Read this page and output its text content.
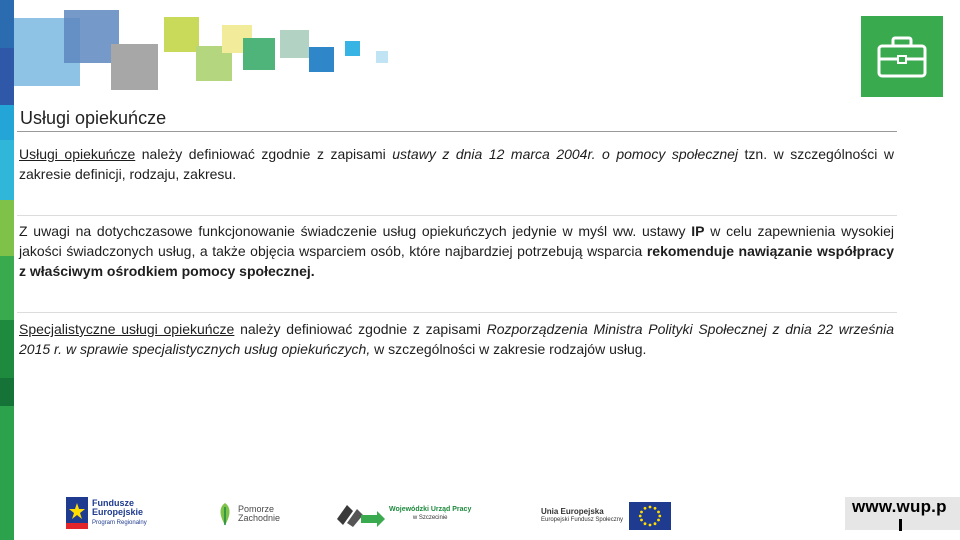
Usługi opiekuńcze
Usługi opiekuńcze należy definiować zgodnie z zapisami ustawy z dnia 12 marca 2004r. o pomocy społecznej tzn. w szczególności w zakresie definicji, rodzaju, zakresu.
Z uwagi na dotychczasowe funkcjonowanie świadczenie usług opiekuńczych jedynie w myśl ww. ustawy IP w celu zapewnienia wysokiej jakości świadczonych usług, a także objęcia wsparciem osób, które najbardziej potrzebują wsparcia rekomenduje nawiązanie współpracy z właściwym ośrodkiem pomocy społecznej.
Specjalistyczne usługi opiekuńcze należy definiować zgodnie z zapisami Rozporządzenia Ministra Polityki Społecznej z dnia 22 września 2015 r. w sprawie specjalistycznych usług opiekuńczych, w szczególności w zakresie rodzajów usług.
Fundusze
Europejskie
Program Regionalny
Pomorze
Zachodnie
Wojewódzki Urząd Pracy
w Szczecinie
Unia Europejska
Europejski Fundusz Społeczny
www.wup.p
